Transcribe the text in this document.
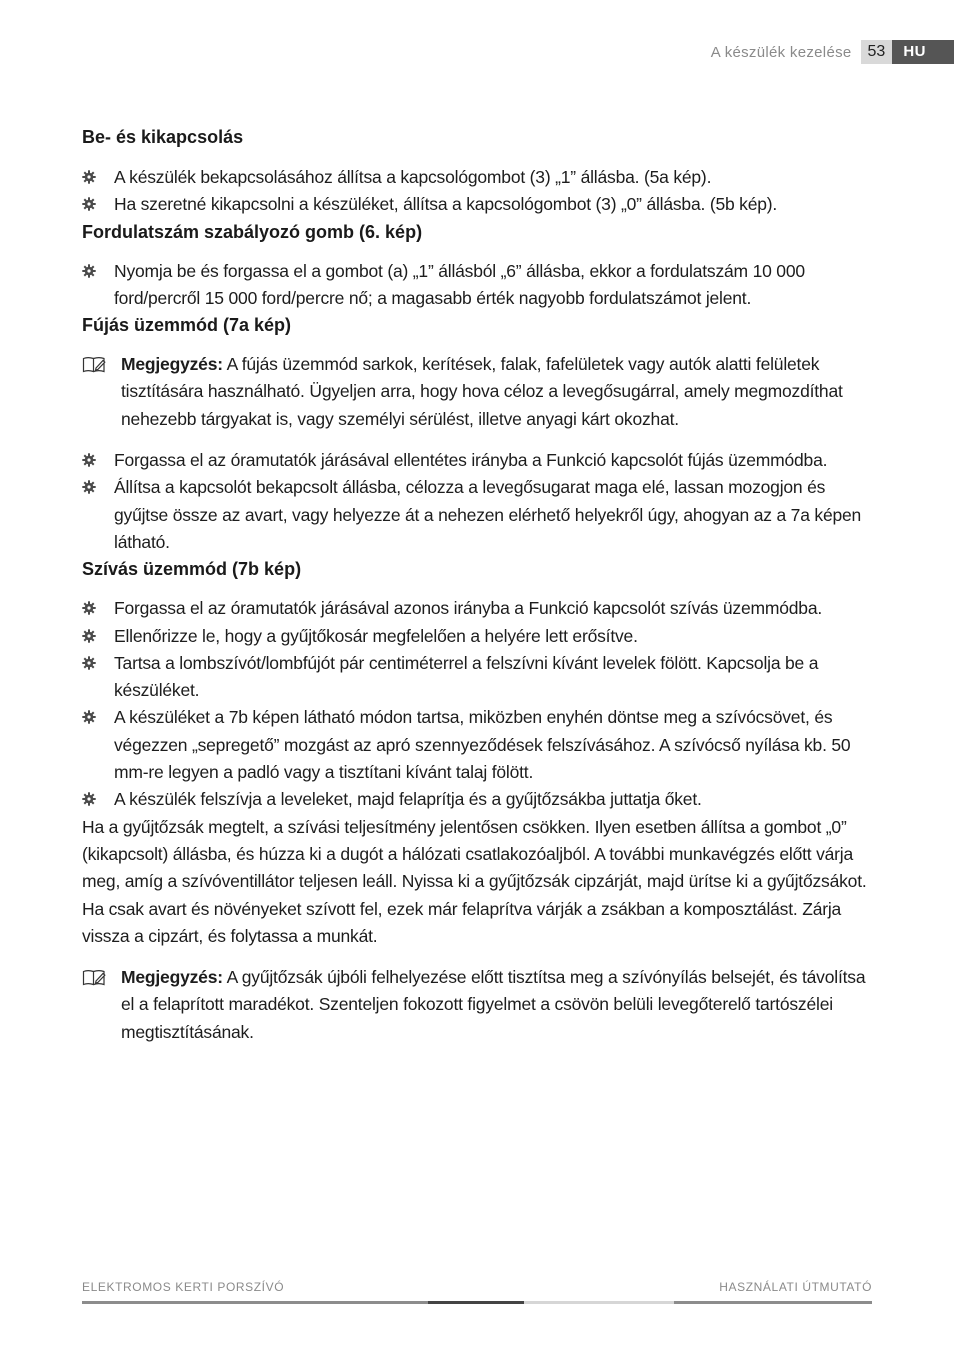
A készülék kezelése	53	HU
Be- és kikapcsolás
A készülék bekapcsolásához állítsa a kapcsológombot (3) „1” állásba. (5a kép).
Ha szeretné kikapcsolni a készüléket, állítsa a kapcsológombot (3) „0” állásba. (5b kép).
Fordulatszám szabályozó gomb (6. kép)
Nyomja be és forgassa el a gombot (a) „1” állásból „6” állásba, ekkor a fordulatszám 10 000 ford/percről 15 000 ford/percre nő; a magasabb érték nagyobb fordulatszámot jelent.
Fújás üzemmód (7a kép)
Megjegyzés: A fújás üzemmód sarkok, kerítések, falak, fafelületek vagy autók alatti felületek tisztítására használható. Ügyeljen arra, hogy hova céloz a levegősugárral, amely megmozdíthat nehezebb tárgyakat is, vagy személyi sérülést, illetve anyagi kárt okozhat.
Forgassa el az óramutatók járásával ellentétes irányba a Funkció kapcsolót fújás üzemmódba.
Állítsa a kapcsolót bekapcsolt állásba, célozza a levegősugarat maga elé, lassan mozogjon és gyűjtse össze az avart, vagy helyezze át a nehezen elérhető helyekről úgy, ahogyan az a 7a képen látható.
Szívás üzemmód (7b kép)
Forgassa el az óramutatók járásával azonos irányba a Funkció kapcsolót szívás üzemmódba.
Ellenőrizze le, hogy a gyűjtőkosár megfelelően a helyére lett erősítve.
Tartsa a lombszívót/lombfújót pár centiméterrel a felszívni kívánt levelek fölött. Kapcsolja be a készüléket.
A készüléket a 7b képen látható módon tartsa, miközben enyhén döntse meg a szívócsövet, és végezzen „sepregető” mozgást az apró szennyeződések felszívásához. A szívócső nyílása kb. 50 mm-re legyen a padló vagy a tisztítani kívánt talaj fölött.
A készülék felszívja a leveleket, majd felaprítja és a gyűjtőzsákba juttatja őket.

Ha a gyűjtőzsák megtelt, a szívási teljesítmény jelentősen csökken. Ilyen esetben állítsa a gombot „0” (kikapcsolt) állásba, és húzza ki a dugót a hálózati csatlakozóaljból. A további munkavégzés előtt várja meg, amíg a szívóventillátor teljesen leáll. Nyissa ki a gyűjtőzsák cipzárját, majd ürítse ki a gyűjtőzsákot. Ha csak avart és növényeket szívott fel, ezek már felaprítva várják a zsákban a komposztálást. Zárja vissza a cipzárt, és folytassa a munkát.

Megjegyzés: A gyűjtőzsák újbóli felhelyezése előtt tisztítsa meg a szívónyílás belsejét, és távolítsa el a felaprított maradékot. Szenteljen fokozott figyelmet a csövön belüli levegőterelő tartószélei megtisztításának.
ELEKTROMOS KERTI PORSZÍVÓ	HASZNÁLATI ÚTMUTATÓ
